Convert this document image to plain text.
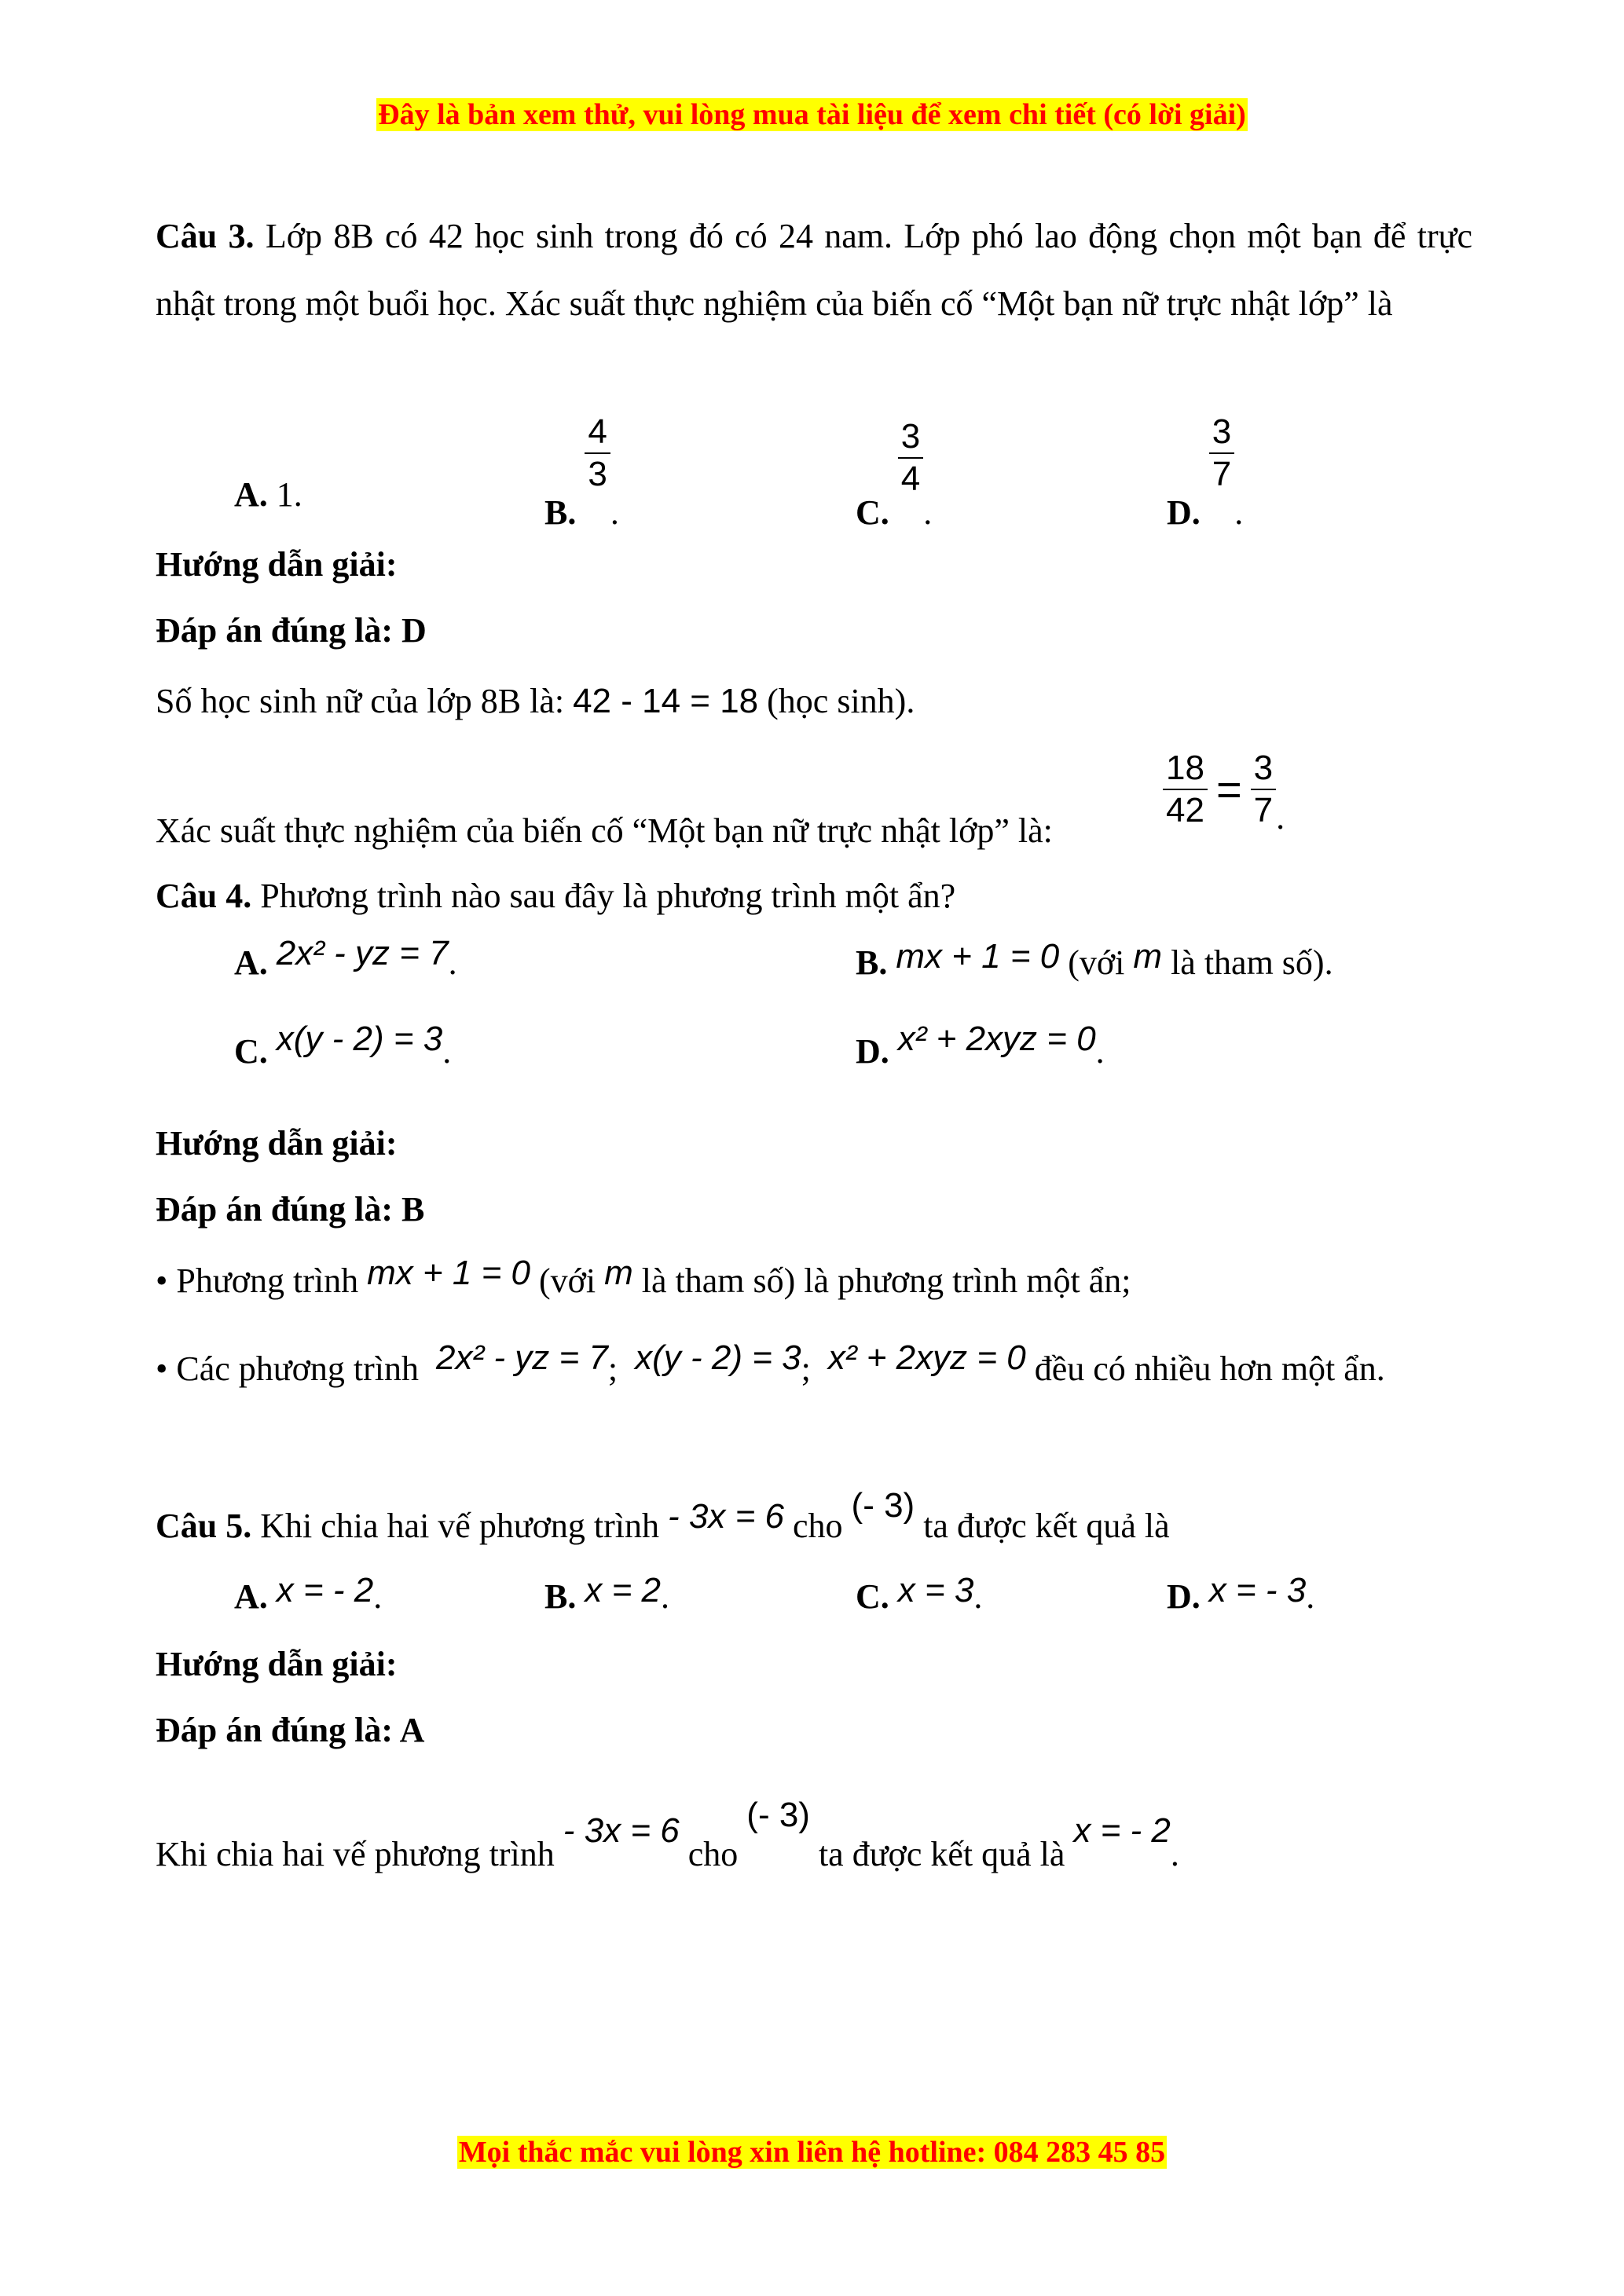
Đây là bản xem thử, vui lòng mua tài liệu để xem chi tiết (có lời giải)
Câu 3. Lớp 8B có 42 học sinh trong đó có 24 nam. Lớp phó lao động chọn một bạn để trực nhật trong một buổi học. Xác suất thực nghiệm của biến cố “Một bạn nữ trực nhật lớp” là
A. 1.	B.
$\frac{4}{3}$
.	C.
$\frac{3}{4}$
.	D.
$\frac{3}{7}$
.
Hướng dẫn giải:
Đáp án đúng là: D
Số học sinh nữ của lớp 8B là: 42 - 14 = 18 (học sinh).
Xác suất thực nghiệm của biến cố “Một bạn nữ trực nhật lớp” là:	$\frac{18}{42} = \frac{3}{7}$ .
Câu 4. Phương trình nào sau đây là phương trình một ẩn?
A. 2x² - yz = 7.	B. mx + 1 = 0 (với m là tham số).
C. x(y - 2) = 3.	D. x² + 2xyz = 0.
Hướng dẫn giải:
Đáp án đúng là: B
• Phương trình mx + 1 = 0 (với m là tham số) là phương trình một ẩn;
• Các phương trình  2x² - yz = 7;  x(y - 2) = 3;  x² + 2xyz = 0 đều có nhiều hơn một ẩn.
Câu 5. Khi chia hai vế phương trình - 3x = 6 cho (- 3) ta được kết quả là
A. x = - 2.	B. x = 2.	C. x = 3.	D. x = - 3.
Hướng dẫn giải:
Đáp án đúng là: A
Khi chia hai vế phương trình - 3x = 6 cho (- 3) ta được kết quả là x = - 2.
Mọi thắc mắc vui lòng xin liên hệ hotline: 084 283 45 85
